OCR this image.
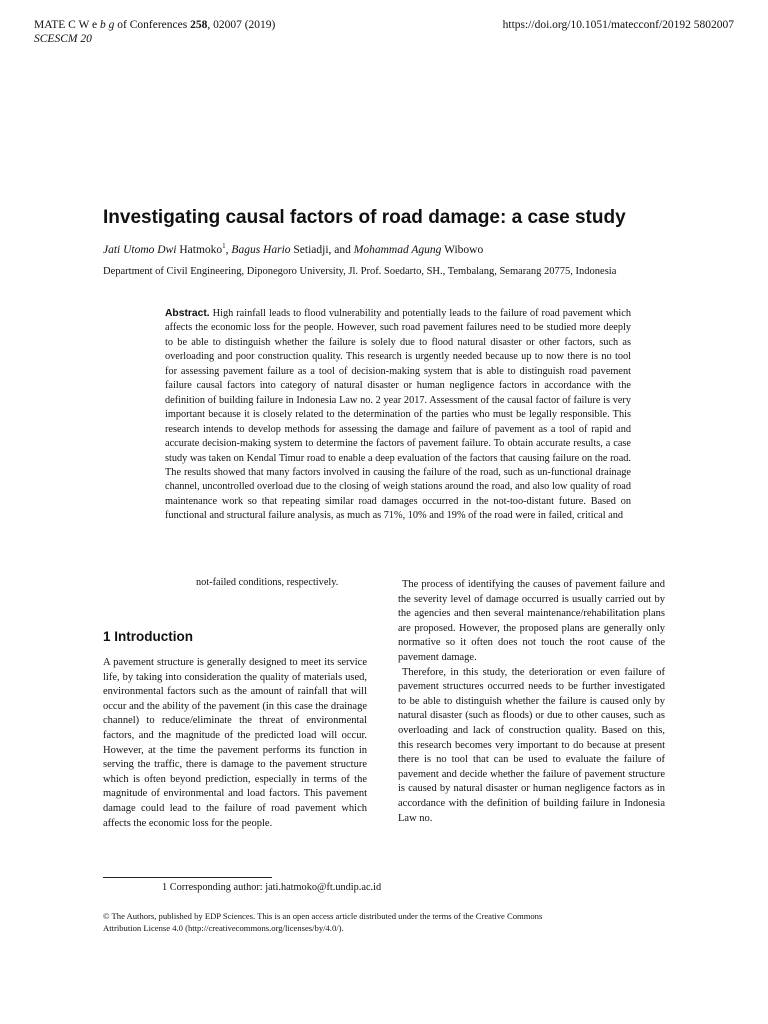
MATE C W e b g of Conferences 258, 02007 (2019)
SCESCM 20
https://doi.org/10.1051/matecconf/20192 5802007
Investigating causal factors of road damage: a case study
Jati Utomo Dwi Hatmoko$^1$, Bagus Hario Setiadji, and Mohammad Agung Wibowo
Department of Civil Engineering, Diponegoro University, Jl. Prof. Soedarto, SH., Tembalang, Semarang 20775, Indonesia
Abstract. High rainfall leads to flood vulnerability and potentially leads to the failure of road pavement which affects the economic loss for the people. However, such road pavement failures need to be studied more deeply to be able to distinguish whether the failure is solely due to flood natural disaster or other factors, such as overloading and poor construction quality. This research is urgently needed because up to now there is no tool for assessing pavement failure as a tool of decision-making system that is able to distinguish road pavement failure causal factors into category of natural disaster or human negligence factors in accordance with the definition of building failure in Indonesia Law no. 2 year 2017. Assessment of the causal factor of failure is very important because it is closely related to the determination of the parties who must be legally responsible. This research intends to develop methods for assessing the damage and failure of pavement as a tool of rapid and accurate decision-making system to determine the factors of pavement failure. To obtain accurate results, a case study was taken on Kendal Timur road to enable a deep evaluation of the factors that causing failure on the road. The results showed that many factors involved in causing the failure of the road, such as un-functional drainage channel, uncontrolled overload due to the closing of weigh stations around the road, and also low quality of road maintenance work so that repeating similar road damages occurred in the not-too-distant future. Based on functional and structural failure analysis, as much as 71%, 10% and 19% of the road were in failed, critical and
not-failed conditions, respectively.
1 Introduction

A pavement structure is generally designed to meet its service life, by taking into consideration the quality of materials used, environmental factors such as the amount of rainfall that will occur and the ability of the pavement (in this case the drainage channel) to reduce/eliminate the threat of environmental factors, and the magnitude of the predicted load will occur. However, at the time the pavement performs its function in serving the traffic, there is damage to the pavement structure which is often beyond prediction, especially in terms of the magnitude of environmental and load factors. This pavement damage could lead to the failure of road pavement which affects the economic loss for the people.

The process of identifying the causes of pavement failure and the severity level of damage occurred is usually carried out by the agencies and then several maintenance/rehabilitation plans are proposed. However, the proposed plans are generally only normative so it often does not touch the root cause of the pavement damage.

Therefore, in this study, the deterioration or even failure of pavement structures occurred needs to be further investigated to be able to distinguish whether the failure is caused only by natural disaster (such as floods) or due to other causes, such as overloading and lack of construction quality. Based on this, this research becomes very important to do because at present there is no tool that can be used to evaluate the failure of pavement and decide whether the failure of pavement structure is caused by natural disaster or human negligence factors as in accordance with the definition of building failure in Indonesia Law no.

1 Corresponding author: jati.hatmoko@ft.undip.ac.id
© The Authors, published by EDP Sciences. This is an open access article distributed under the terms of the Creative Commons
Attribution License 4.0 (http://creativecommons.org/licenses/by/4.0/).
